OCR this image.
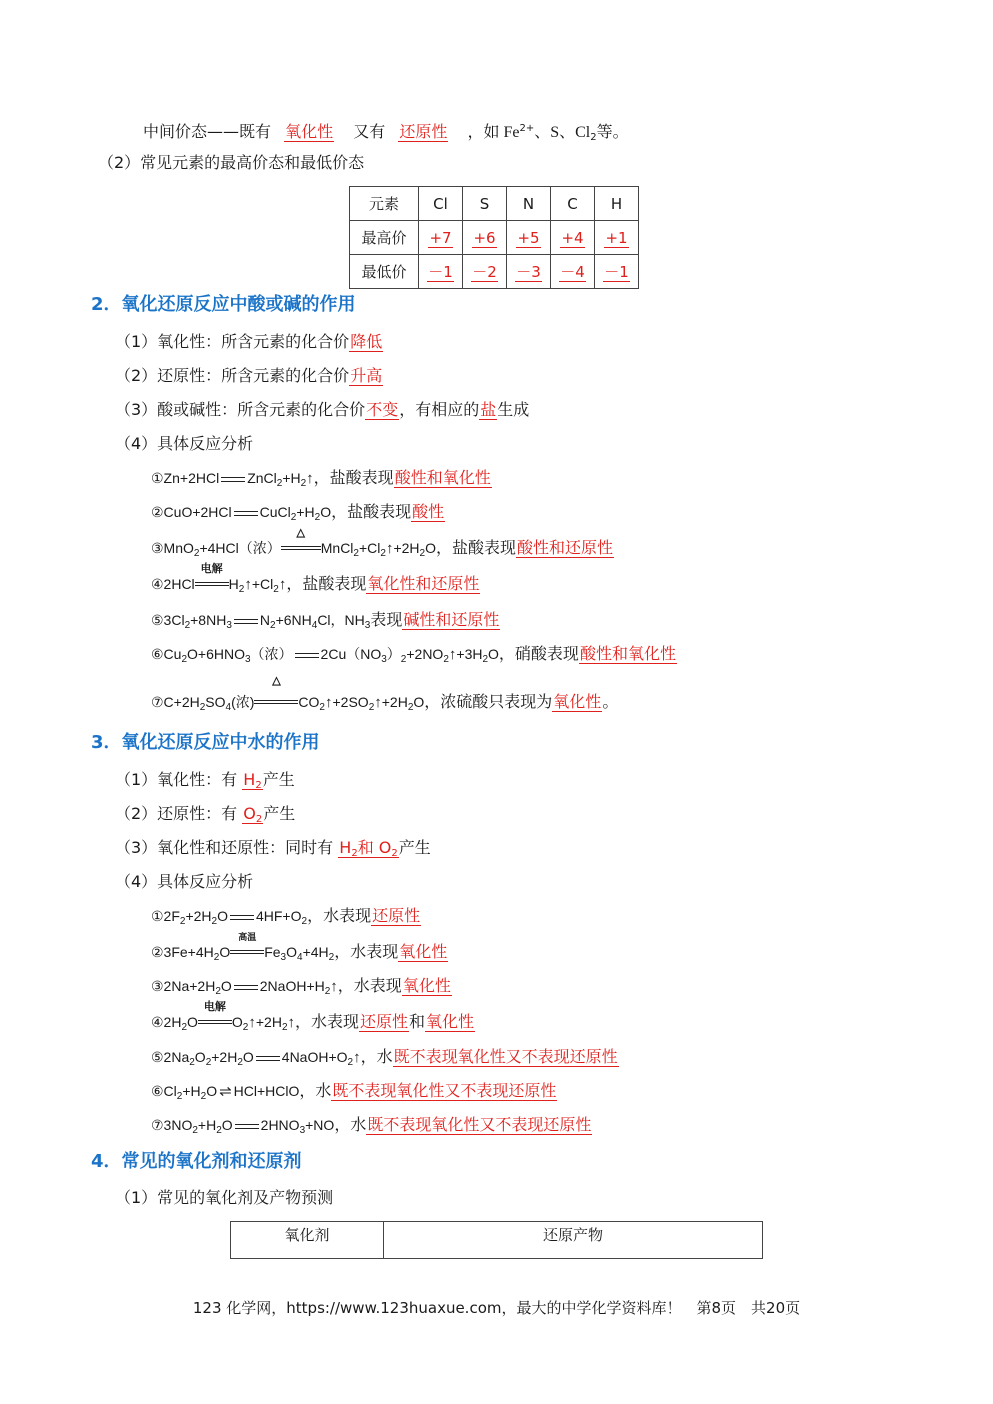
中间价态——既有 氧化性 又有 还原性 ，如 $Fe^{2+}$、S、$Cl_2$等。
（2）常见元素的最高价态和最低价态
元素	Cl	S	N	C	H
最高价	+7	+6	+5	+4	+1
最低价	－1	－2	－3	－4	－1
2．氧化还原反应中酸或碱的作用
（1）氧化性：所含元素的化合价降低
（2）还原性：所含元素的化合价升高
（3）酸或碱性：所含元素的化合价不变，有相应的盐生成
（4）具体反应分析
①Zn+2HCl $ZnCl_2+H_2↑$，盐酸表现酸性和氧化性
②CuO+2HCl $CuCl_2+H_2O$，盐酸表现酸性
③MnO$_2$+4HCl（浓）
△
$MnCl_2+Cl_2↑+2H_2O$，盐酸表现酸性和还原性
④2HCl
电解
$H_2↑+Cl_2↑$，盐酸表现氧化性和还原性
$⑤3Cl_2+8NH_3$ $N_2+6NH_4Cl$，$NH_3$表现碱性和还原性
$⑥Cu_2O+6HNO_3$（浓） $2Cu(NO_3)_2+2NO_2↑+3H_2O$，硝酸表现酸性和氧化性
$⑦C+2H_2SO_4$(浓)
△
$CO_2↑+2SO_2↑+2H_2O$，浓硫酸只表现为氧化性。
3．氧化还原反应中水的作用
（1）氧化性：有 $H_2$产生
（2）还原性：有 $O_2$产生
（3）氧化性和还原性：同时有 $H_2$和 $O_2$产生
（4）具体反应分析
$①2F_2+2H_2O$ $4HF+O_2$，水表现还原性
$②3Fe+4H_2O$
高温
$Fe_3O_4+4H_2$，水表现氧化性
$③2Na+2H_2O$ $2NaOH+H_2↑$，水表现氧化性
$④2H_2O$
电解
$O_2↑+2H_2↑$，水表现还原性和氧化性
$⑤2Na_2O_2+2H_2O$ $4NaOH+O_2↑$，水既不表现氧化性又不表现还原性
$⑥Cl_2+H_2O$ ⇌ HCl+HClO，水既不表现氧化性又不表现还原性
$⑦3NO_2+H_2O$ $2HNO_3+NO$，水既不表现氧化性又不表现还原性
4．常见的氧化剂和还原剂
（1）常见的氧化剂及产物预测
氧化剂	还原产物
123 化学网，https://www.123huaxue.com，最大的中学化学资料库！　第8页　共20页
